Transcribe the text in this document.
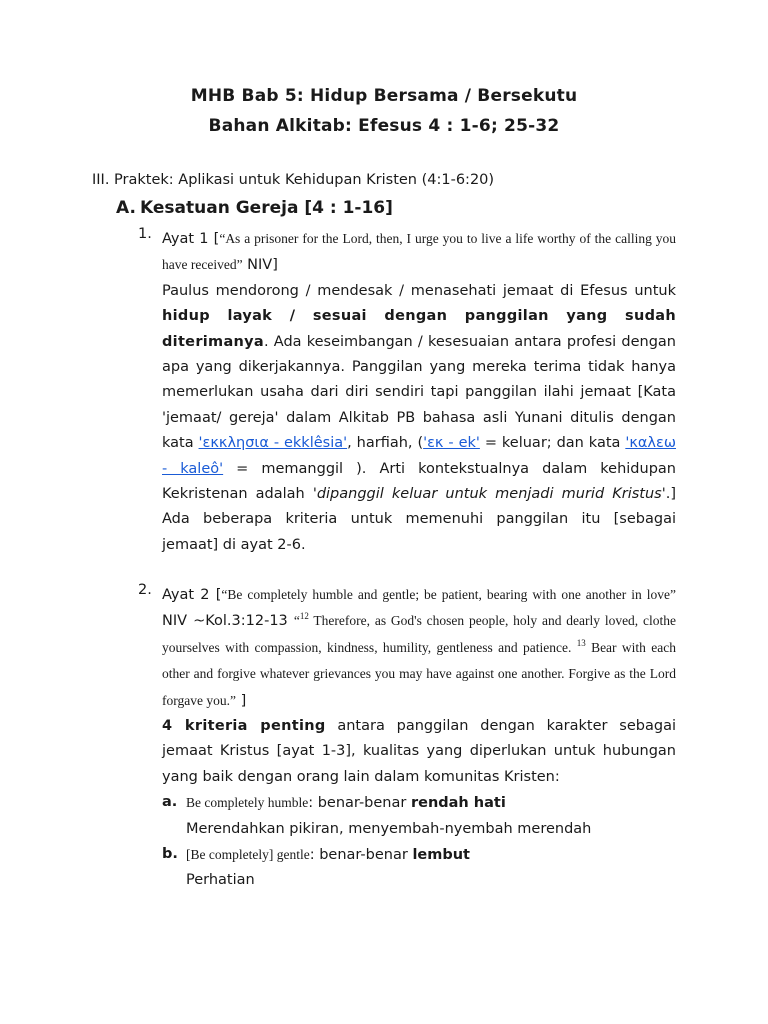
MHB Bab 5: Hidup Bersama / Bersekutu
Bahan Alkitab: Efesus 4 : 1-6; 25-32
III. Praktek: Aplikasi untuk Kehidupan Kristen (4:1-6:20)
A. Kesatuan Gereja [4 : 1-16]
1. Ayat 1 [“As a prisoner for the Lord, then, I urge you to live a life worthy of the calling you have received” NIV]
Paulus mendorong / mendesak / menasehati jemaat di Efesus untuk hidup layak / sesuai dengan panggilan yang sudah diterimanya. Ada keseimbangan / kesesuaian antara profesi dengan apa yang dikerjakannya. Panggilan yang mereka terima tidak hanya memerlukan usaha dari diri sendiri tapi panggilan ilahi jemaat [Kata 'jemaat/ gereja' dalam Alkitab PB bahasa asli Yunani ditulis dengan kata 'εκκλησια - ekklêsia', harfiah, ('εκ - ek' = keluar; dan kata 'καλεω - kaleô' = memanggil ). Arti kontekstualnya dalam kehidupan Kekristenan adalah 'dipanggil keluar untuk menjadi murid Kristus'.] Ada beberapa kriteria untuk memenuhi panggilan itu [sebagai jemaat] di ayat 2-6.
2. Ayat 2 [“Be completely humble and gentle; be patient, bearing with one another in love” NIV ~Kol.3:12-13 “$^{12}$ Therefore, as God's chosen people, holy and dearly loved, clothe yourselves with compassion, kindness, humility, gentleness and patience. $^{13}$ Bear with each other and forgive whatever grievances you may have against one another. Forgive as the Lord forgave you.” ]
4 kriteria penting antara panggilan dengan karakter sebagai jemaat Kristus [ayat 1-3], kualitas yang diperlukan untuk hubungan yang baik dengan orang lain dalam komunitas Kristen:
a. Be completely humble: benar-benar rendah hati
Merendahkan pikiran, menyembah-nyembah merendah
b. [Be completely] gentle: benar-benar lembut
Perhatian
